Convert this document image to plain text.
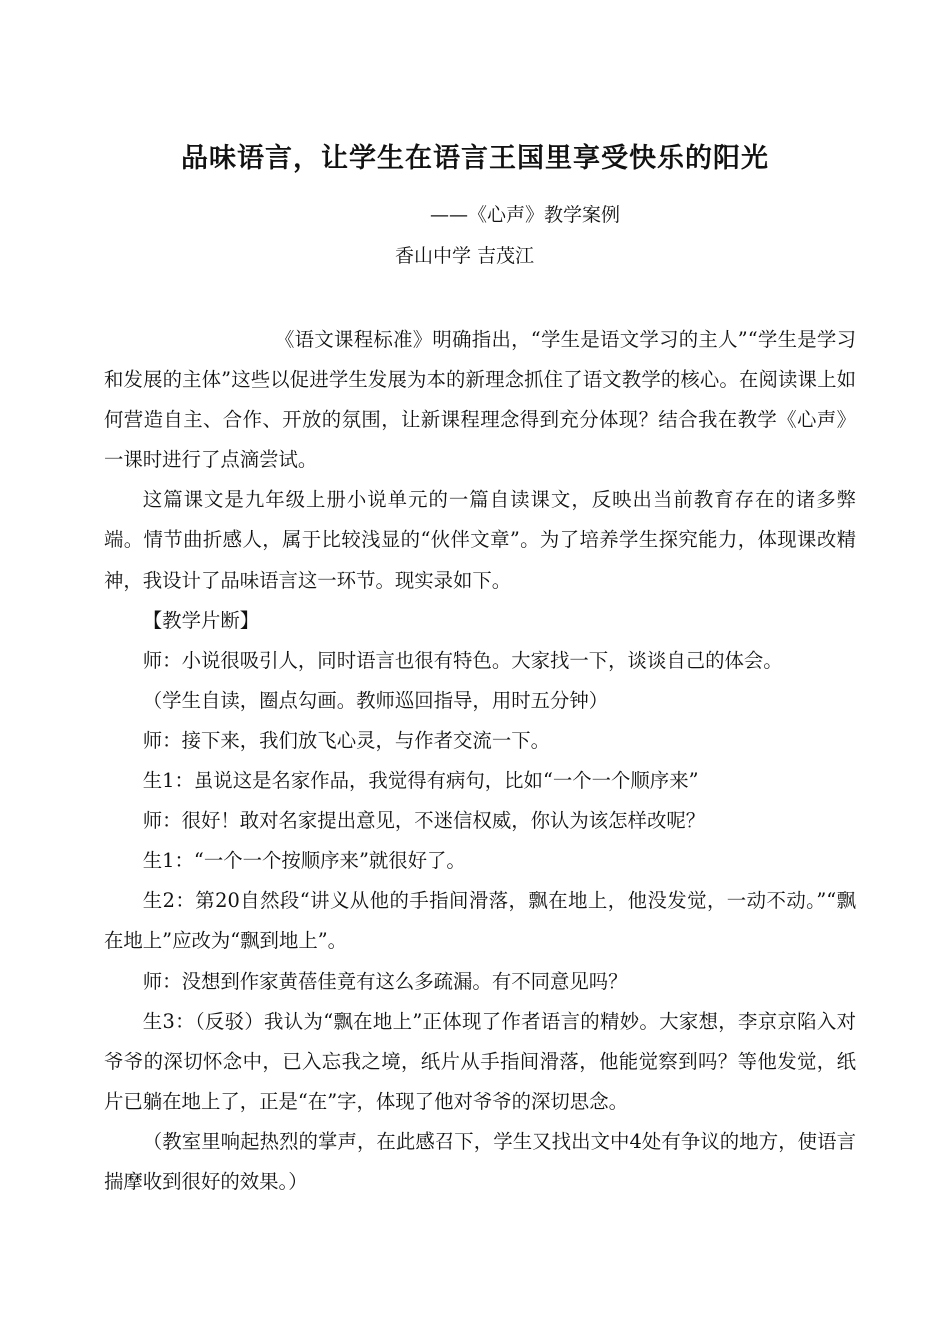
品味语言，让学生在语言王国里享受快乐的阳光
——《心声》教学案例
香山中学 吉茂江

《语文课程标准》明确指出，“学生是语文学习的主人”“学生是学习和发展的主体”这些以促进学生发展为本的新理念抓住了语文教学的核心。在阅读课上如何营造自主、合作、开放的氛围，让新课程理念得到充分体现？结合我在教学《心声》一课时进行了点滴尝试。

这篇课文是九年级上册小说单元的一篇自读课文，反映出当前教育存在的诸多弊端。情节曲折感人，属于比较浅显的“伙伴文章”。为了培养学生探究能力，体现课改精神，我设计了品味语言这一环节。现实录如下。

【教学片断】

师：小说很吸引人，同时语言也很有特色。大家找一下，谈谈自己的体会。

（学生自读，圈点勾画。教师巡回指导，用时五分钟）

师：接下来，我们放飞心灵，与作者交流一下。

生1：虽说这是名家作品，我觉得有病句，比如“一个一个顺序来”

师：很好！敢对名家提出意见，不迷信权威，你认为该怎样改呢？

生1：“一个一个按顺序来”就很好了。

生2：第20自然段“讲义从他的手指间滑落，飘在地上，他没发觉，一动不动。”“飘在地上”应改为“飘到地上”。

师：没想到作家黄蓓佳竟有这么多疏漏。有不同意见吗？

生3：（反驳）我认为“飘在地上”正体现了作者语言的精妙。大家想，李京京陷入对爷爷的深切怀念中，已入忘我之境，纸片从手指间滑落，他能觉察到吗？等他发觉，纸片已躺在地上了，正是“在”字，体现了他对爷爷的深切思念。

（教室里响起热烈的掌声，在此感召下，学生又找出文中4处有争议的地方，使语言揣摩收到很好的效果。）
